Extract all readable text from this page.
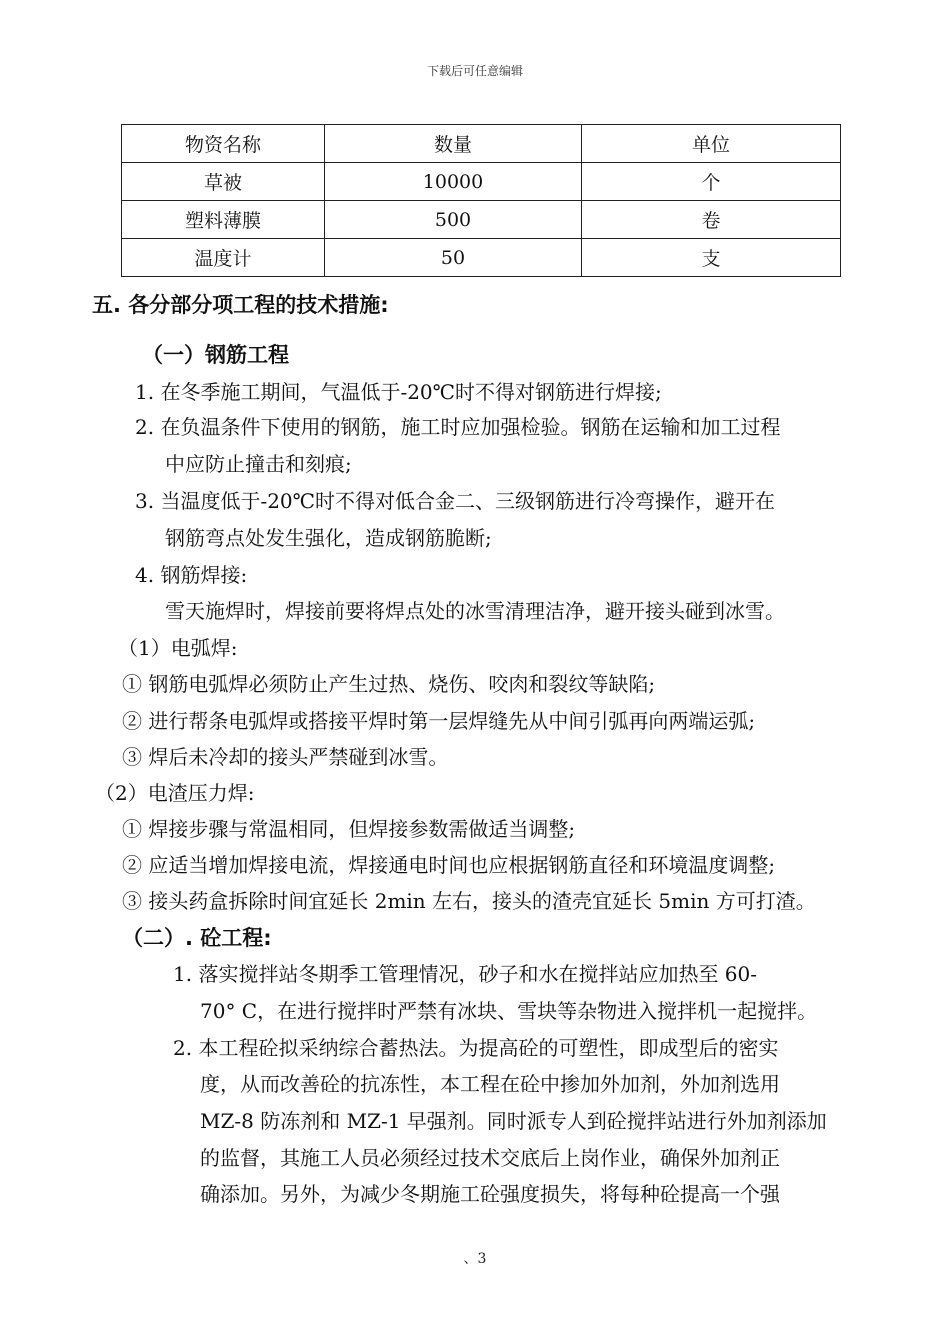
下载后可任意编辑
物资名称	数量	单位
草被	10000	个
塑料薄膜	500	卷
温度计	50	支
五. 各分部分项工程的技术措施:
（一）钢筋工程
1. 在冬季施工期间，气温低于-20℃时不得对钢筋进行焊接;
2. 在负温条件下使用的钢筋，施工时应加强检验。钢筋在运输和加工过程
中应防止撞击和刻痕;
3. 当温度低于-20℃时不得对低合金二、三级钢筋进行冷弯操作，避开在
钢筋弯点处发生强化，造成钢筋脆断;
4. 钢筋焊接:
雪天施焊时，焊接前要将焊点处的冰雪清理洁净，避开接头碰到冰雪。
（1）电弧焊:
① 钢筋电弧焊必须防止产生过热、烧伤、咬肉和裂纹等缺陷;
② 进行帮条电弧焊或搭接平焊时第一层焊缝先从中间引弧再向两端运弧;
③ 焊后未冷却的接头严禁碰到冰雪。
（2）电渣压力焊:
① 焊接步骤与常温相同，但焊接参数需做适当调整;
② 应适当增加焊接电流，焊接通电时间也应根据钢筋直径和环境温度调整;
③ 接头药盒拆除时间宜延长 2min 左右，接头的渣壳宜延长 5min 方可打渣。
（二）. 砼工程:
1. 落实搅拌站冬期季工管理情况，砂子和水在搅拌站应加热至 60-
70° C，在进行搅拌时严禁有冰块、雪块等杂物进入搅拌机一起搅拌。
2. 本工程砼拟采纳综合蓄热法。为提高砼的可塑性，即成型后的密实
度，从而改善砼的抗冻性，本工程在砼中掺加外加剂，外加剂选用
MZ-8 防冻剂和 MZ-1 早强剂。同时派专人到砼搅拌站进行外加剂添加
的监督，其施工人员必须经过技术交底后上岗作业，确保外加剂正
确添加。另外，为减少冬期施工砼强度损失，将每种砼提高一个强
、3
